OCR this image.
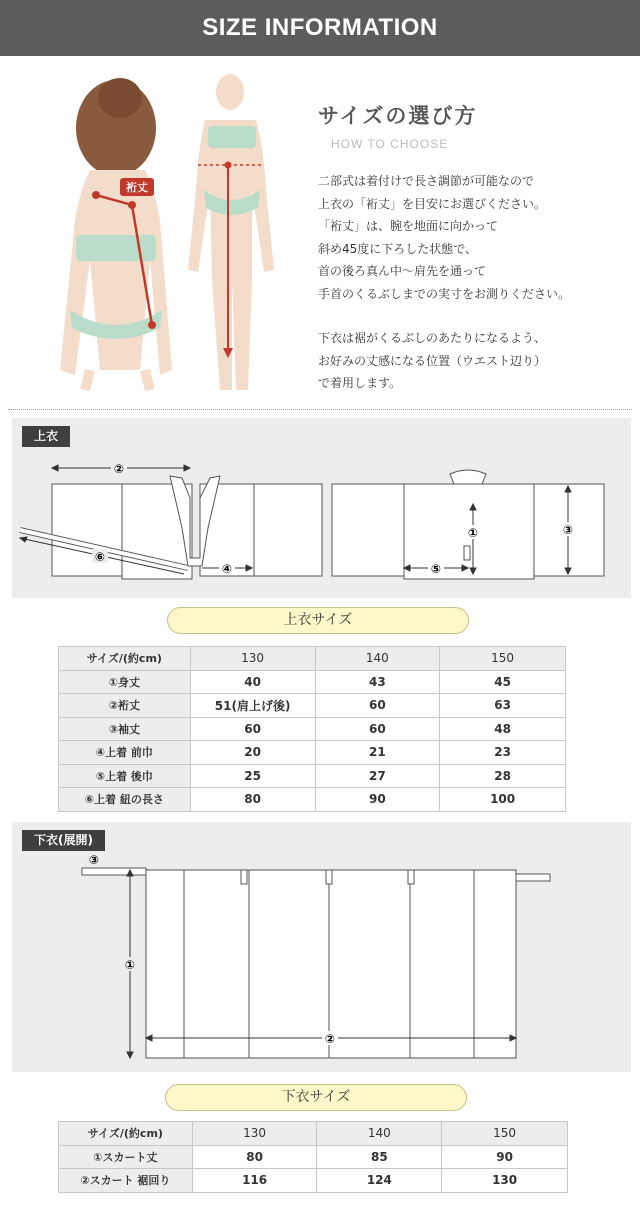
SIZE INFORMATION
裄丈
サイズの選び方
HOW TO CHOOSE

二部式は着付けで長さ調節が可能なので

上衣の「裄丈」を目安にお選びください。

「裄丈」は、腕を地面に向かって

斜め45度に下ろした状態で、

首の後ろ真ん中～肩先を通って

手首のくるぶしまでの実寸をお測りください。

下衣は裾がくるぶしのあたりになるよう、

お好みの丈感になる位置（ウエスト辺り）

で着用します。

②
⑥
④
①	③
⑤
上衣
上衣サイズ
サイズ/(約cm)	130	140	150
①身丈	40	43	45
②裄丈	51(肩上げ後)	60	63
③袖丈	60	60	48
④上着 前巾	20	21	23
⑤上着 後巾	25	27	28
⑥上着 紐の長さ	80	90	100
①
②
③
下衣(展開)
下衣サイズ
サイズ/(約cm)	130	140	150
①スカート丈	80	85	90
②スカート 裾回り	116	124	130
